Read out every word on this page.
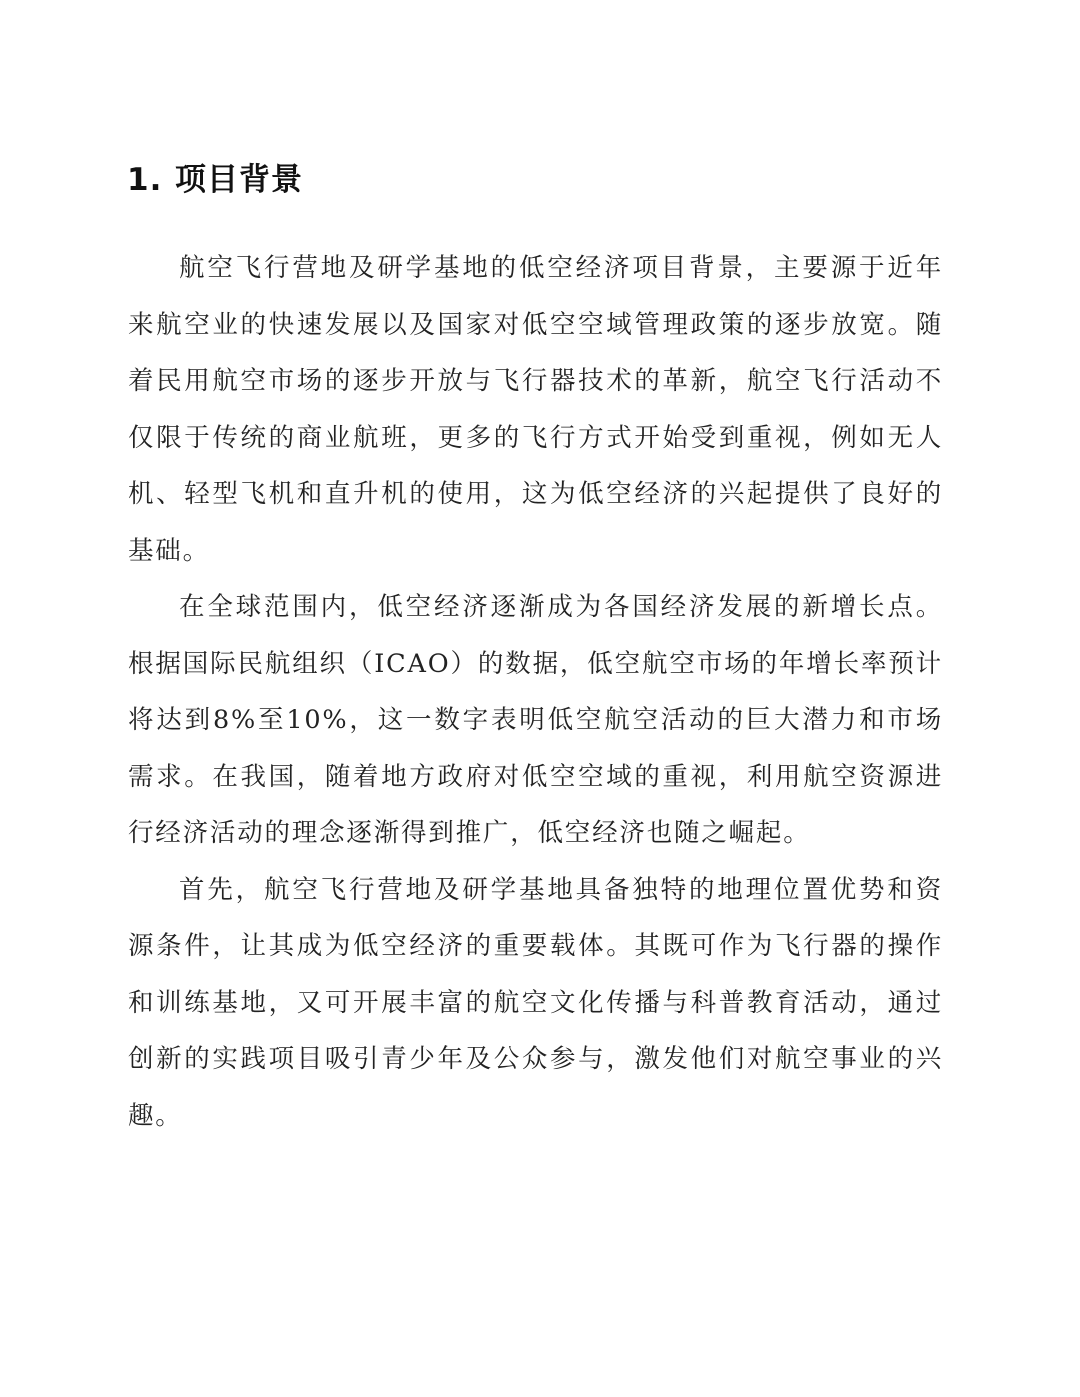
1. 项目背景

航空飞行营地及研学基地的低空经济项目背景，主要源于近年来航空业的快速发展以及国家对低空空域管理政策的逐步放宽。随着民用航空市场的逐步开放与飞行器技术的革新，航空飞行活动不仅限于传统的商业航班，更多的飞行方式开始受到重视，例如无人机、轻型飞机和直升机的使用，这为低空经济的兴起提供了良好的基础。

在全球范围内，低空经济逐渐成为各国经济发展的新增长点。根据国际民航组织（ICAO）的数据，低空航空市场的年增长率预计将达到8%至10%，这一数字表明低空航空活动的巨大潜力和市场需求。在我国，随着地方政府对低空空域的重视，利用航空资源进行经济活动的理念逐渐得到推广，低空经济也随之崛起。

首先，航空飞行营地及研学基地具备独特的地理位置优势和资源条件，让其成为低空经济的重要载体。其既可作为飞行器的操作和训练基地，又可开展丰富的航空文化传播与科普教育活动，通过创新的实践项目吸引青少年及公众参与，激发他们对航空事业的兴趣。
